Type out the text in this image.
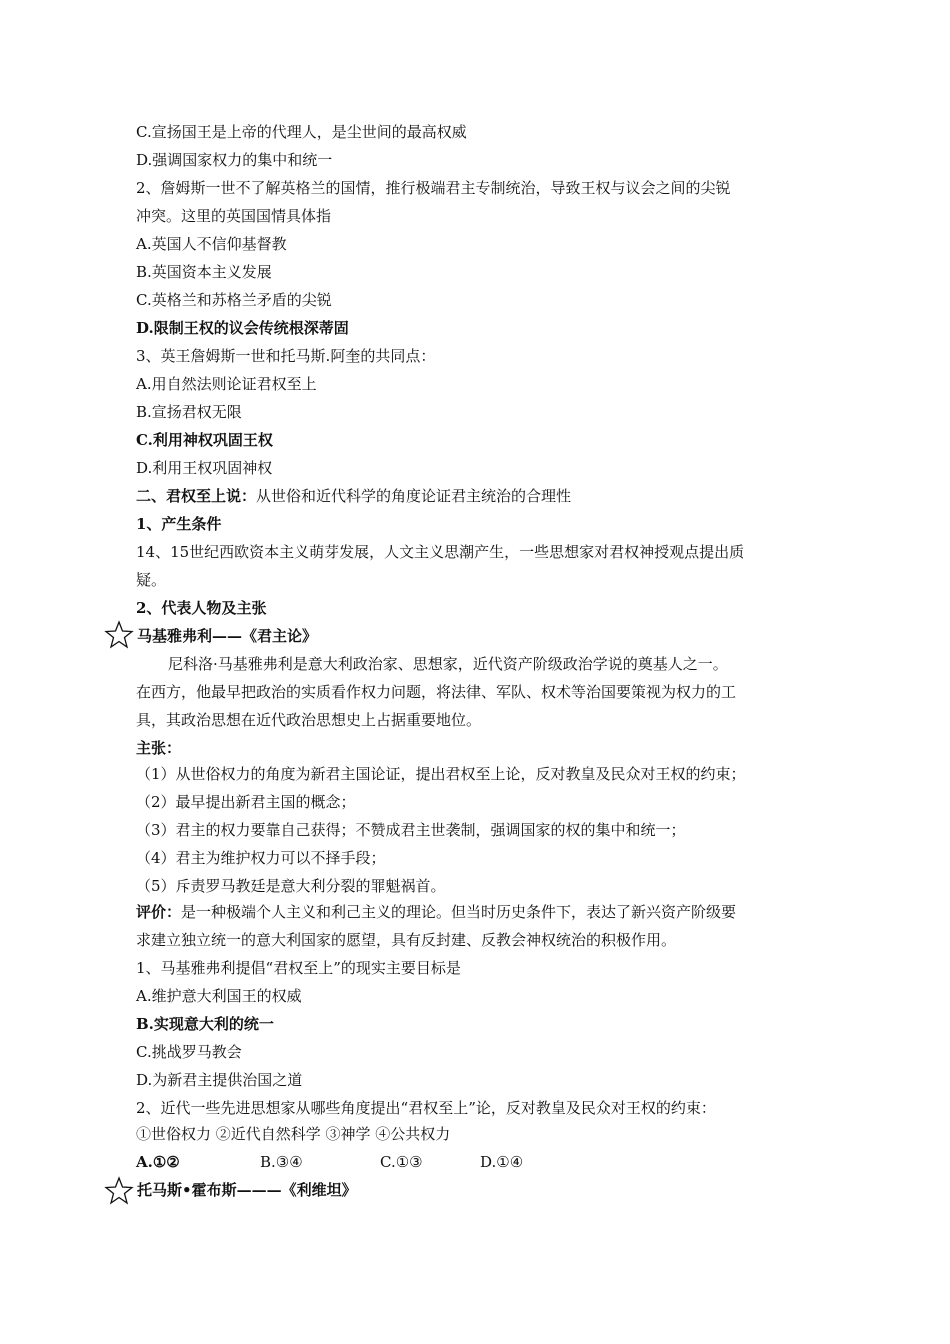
C.宣扬国王是上帝的代理人，是尘世间的最高权威
D.强调国家权力的集中和统一
2、詹姆斯一世不了解英格兰的国情，推行极端君主专制统治，导致王权与议会之间的尖锐
冲突。这里的英国国情具体指
A.英国人不信仰基督教
B.英国资本主义发展
C.英格兰和苏格兰矛盾的尖锐
D.限制王权的议会传统根深蒂固
3、英王詹姆斯一世和托马斯.阿奎的共同点：
A.用自然法则论证君权至上
B.宣扬君权无限
C.利用神权巩固王权
D.利用王权巩固神权
二、君权至上说：从世俗和近代科学的角度论证君主统治的合理性
1、产生条件
14、15世纪西欧资本主义萌芽发展，人文主义思潮产生，一些思想家对君权神授观点提出质
疑。
2、代表人物及主张
马基雅弗利——《君主论》
尼科洛·马基雅弗利是意大利政治家、思想家，近代资产阶级政治学说的奠基人之一。
在西方，他最早把政治的实质看作权力问题，将法律、军队、权术等治国要策视为权力的工
具，其政治思想在近代政治思想史上占据重要地位。
主张：
（1）从世俗权力的角度为新君主国论证，提出君权至上论，反对教皇及民众对王权的约束；
（2）最早提出新君主国的概念；
（3）君主的权力要靠自己获得；不赞成君主世袭制，强调国家的权的集中和统一；
（4）君主为维护权力可以不择手段；
（5）斥责罗马教廷是意大利分裂的罪魁祸首。
评价：是一种极端个人主义和利己主义的理论。但当时历史条件下，表达了新兴资产阶级要
求建立独立统一的意大利国家的愿望，具有反封建、反教会神权统治的积极作用。
1、马基雅弗利提倡“君权至上”的现实主要目标是
A.维护意大利国王的权威
B.实现意大利的统一
C.挑战罗马教会
D.为新君主提供治国之道
2、近代一些先进思想家从哪些角度提出“君权至上”论，反对教皇及民众对王权的约束：
①世俗权力 ②近代自然科学 ③神学 ④公共权力
A.①②	B.③④	C.①③	D.①④
托马斯•霍布斯———《利维坦》
